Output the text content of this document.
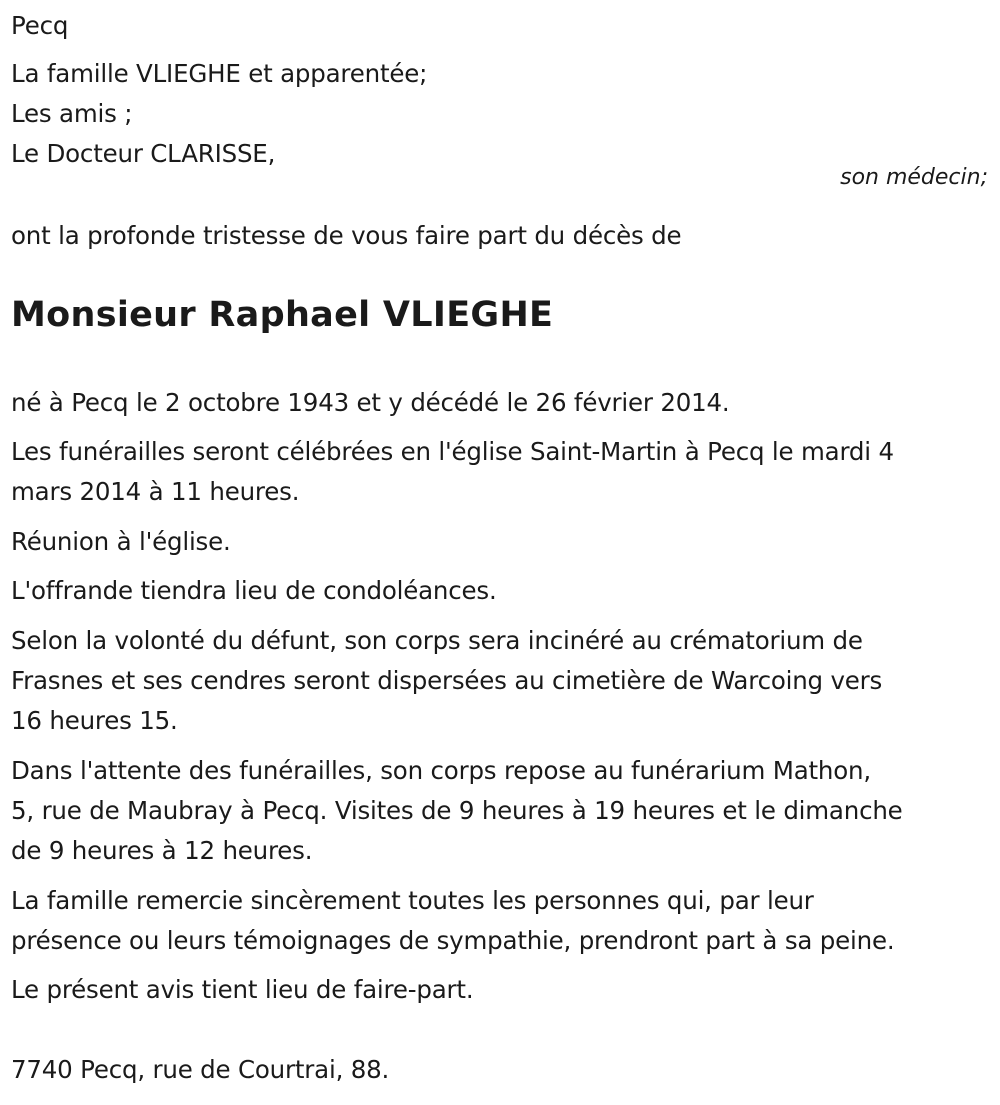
Pecq
La famille VLIEGHE et apparentée;
Les amis ;
Le Docteur CLARISSE,
ont la profonde tristesse de vous faire part du décès de
né à Pecq le 2 octobre 1943 et y décédé le 26 février 2014.
Les funérailles seront célébrées en l'église Saint-Martin à Pecq le mardi 4
mars 2014 à 11 heures.
Réunion à l'église.
L'offrande tiendra lieu de condoléances.
Selon la volonté du défunt, son corps sera incinéré au crématorium de
Frasnes et ses cendres seront dispersées au cimetière de Warcoing vers
16 heures 15.
Dans l'attente des funérailles, son corps repose au funérarium Mathon,
5, rue de Maubray à Pecq. Visites de 9 heures à 19 heures et le dimanche
de 9 heures à 12 heures.
La famille remercie sincèrement toutes les personnes qui, par leur
présence ou leurs témoignages de sympathie, prendront part à sa peine.
Le présent avis tient lieu de faire-part.
7740 Pecq, rue de Courtrai, 88.
son médecin;
Monsieur Raphael VLIEGHE
